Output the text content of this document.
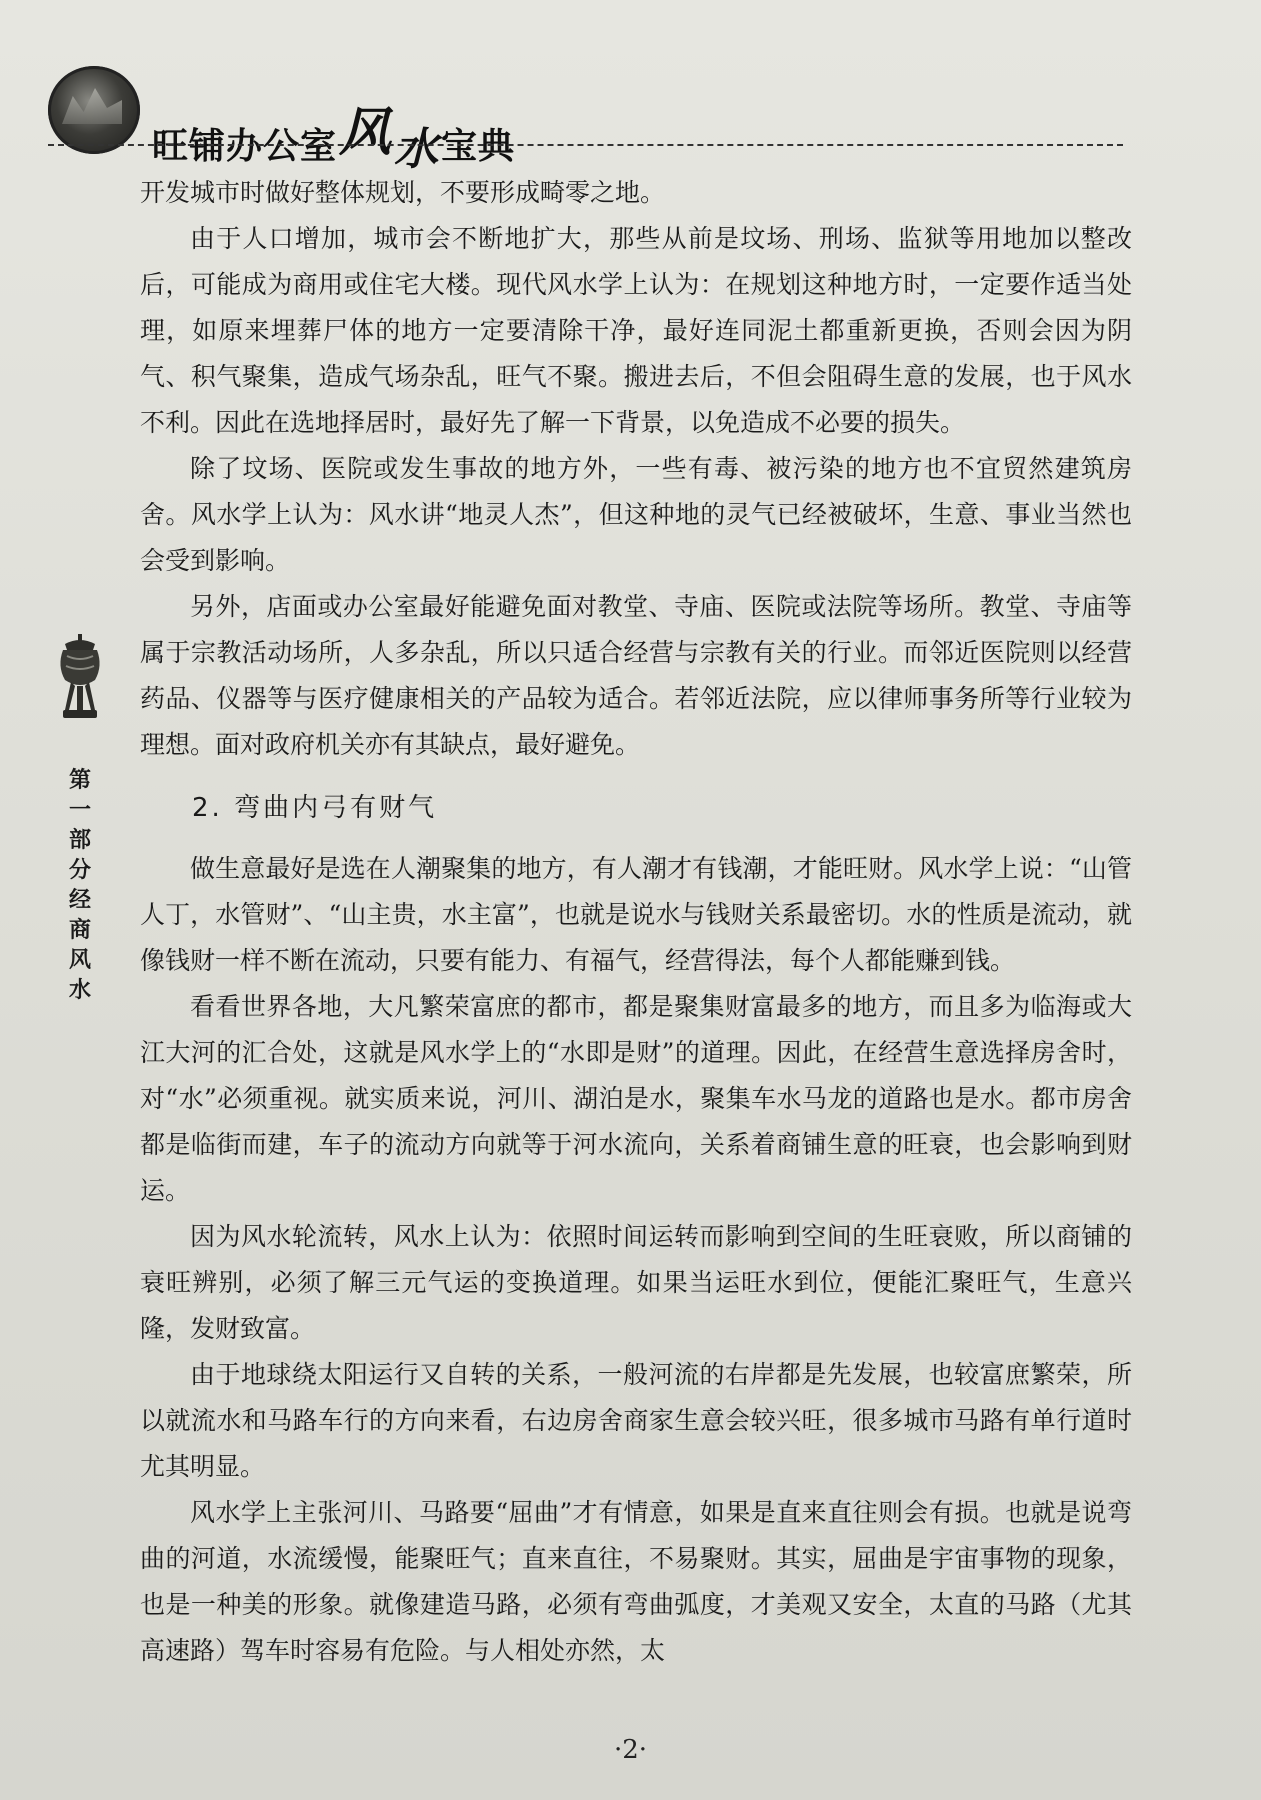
旺铺办公室风水宝典
第一部分
经商风水

开发城市时做好整体规划，不要形成畸零之地。

由于人口增加，城市会不断地扩大，那些从前是坟场、刑场、监狱等用地加以整改后，可能成为商用或住宅大楼。现代风水学上认为：在规划这种地方时，一定要作适当处理，如原来埋葬尸体的地方一定要清除干净，最好连同泥土都重新更换，否则会因为阴气、积气聚集，造成气场杂乱，旺气不聚。搬进去后，不但会阻碍生意的发展，也于风水不利。因此在选地择居时，最好先了解一下背景，以免造成不必要的损失。

除了坟场、医院或发生事故的地方外，一些有毒、被污染的地方也不宜贸然建筑房舍。风水学上认为：风水讲“地灵人杰”，但这种地的灵气已经被破坏，生意、事业当然也会受到影响。

另外，店面或办公室最好能避免面对教堂、寺庙、医院或法院等场所。教堂、寺庙等属于宗教活动场所，人多杂乱，所以只适合经营与宗教有关的行业。而邻近医院则以经营药品、仪器等与医疗健康相关的产品较为适合。若邻近法院，应以律师事务所等行业较为理想。面对政府机关亦有其缺点，最好避免。

2. 弯曲内弓有财气

做生意最好是选在人潮聚集的地方，有人潮才有钱潮，才能旺财。风水学上说：“山管人丁，水管财”、“山主贵，水主富”，也就是说水与钱财关系最密切。水的性质是流动，就像钱财一样不断在流动，只要有能力、有福气，经营得法，每个人都能赚到钱。

看看世界各地，大凡繁荣富庶的都市，都是聚集财富最多的地方，而且多为临海或大江大河的汇合处，这就是风水学上的“水即是财”的道理。因此，在经营生意选择房舍时，对“水”必须重视。就实质来说，河川、湖泊是水，聚集车水马龙的道路也是水。都市房舍都是临街而建，车子的流动方向就等于河水流向，关系着商铺生意的旺衰，也会影响到财运。

因为风水轮流转，风水上认为：依照时间运转而影响到空间的生旺衰败，所以商铺的衰旺辨别，必须了解三元气运的变换道理。如果当运旺水到位，便能汇聚旺气，生意兴隆，发财致富。

由于地球绕太阳运行又自转的关系，一般河流的右岸都是先发展，也较富庶繁荣，所以就流水和马路车行的方向来看，右边房舍商家生意会较兴旺，很多城市马路有单行道时尤其明显。

风水学上主张河川、马路要“屈曲”才有情意，如果是直来直往则会有损。也就是说弯曲的河道，水流缓慢，能聚旺气；直来直往，不易聚财。其实，屈曲是宇宙事物的现象，也是一种美的形象。就像建造马路，必须有弯曲弧度，才美观又安全，太直的马路（尤其高速路）驾车时容易有危险。与人相处亦然，太

·2·
